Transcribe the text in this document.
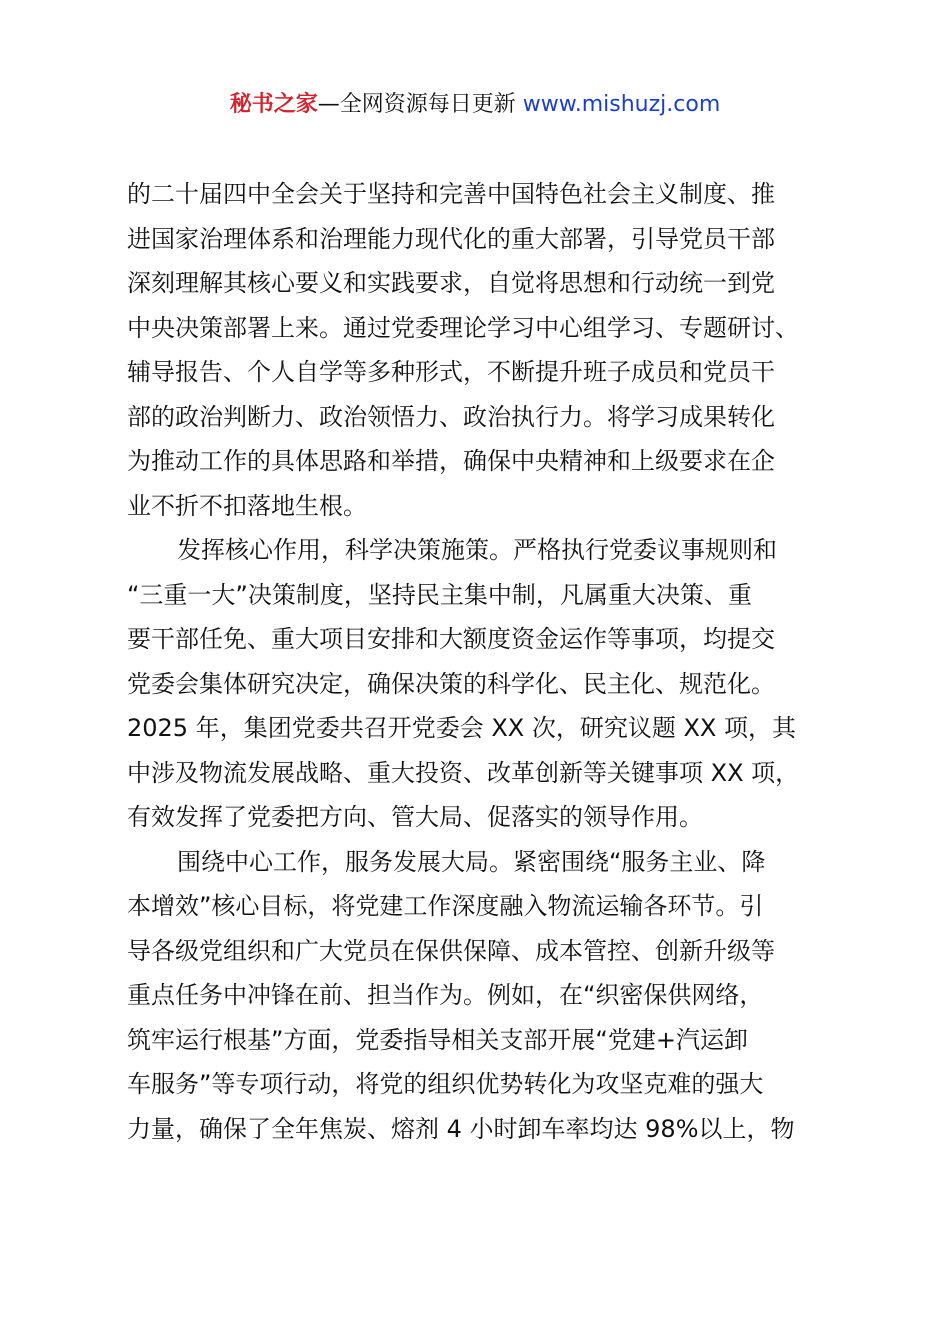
秘书之家—全网资源每日更新 www.mishuzj.com
的二十届四中全会关于坚持和完善中国特色社会主义制度、推
进国家治理体系和治理能力现代化的重大部署，引导党员干部
深刻理解其核心要义和实践要求，自觉将思想和行动统一到党
中央决策部署上来。通过党委理论学习中心组学习、专题研讨、
辅导报告、个人自学等多种形式，不断提升班子成员和党员干
部的政治判断力、政治领悟力、政治执行力。将学习成果转化
为推动工作的具体思路和举措，确保中央精神和上级要求在企
业不折不扣落地生根。
发挥核心作用，科学决策施策。严格执行党委议事规则和
“三重一大”决策制度，坚持民主集中制，凡属重大决策、重
要干部任免、重大项目安排和大额度资金运作等事项，均提交
党委会集体研究决定，确保决策的科学化、民主化、规范化。
2025 年，集团党委共召开党委会 XX 次，研究议题 XX 项，其
中涉及物流发展战略、重大投资、改革创新等关键事项 XX 项，
有效发挥了党委把方向、管大局、促落实的领导作用。
围绕中心工作，服务发展大局。紧密围绕“服务主业、降
本增效”核心目标，将党建工作深度融入物流运输各环节。引
导各级党组织和广大党员在保供保障、成本管控、创新升级等
重点任务中冲锋在前、担当作为。例如，在“织密保供网络，
筑牢运行根基”方面，党委指导相关支部开展“党建+汽运卸
车服务”等专项行动，将党的组织优势转化为攻坚克难的强大
力量，确保了全年焦炭、熔剂 4 小时卸车率均达 98%以上，物
